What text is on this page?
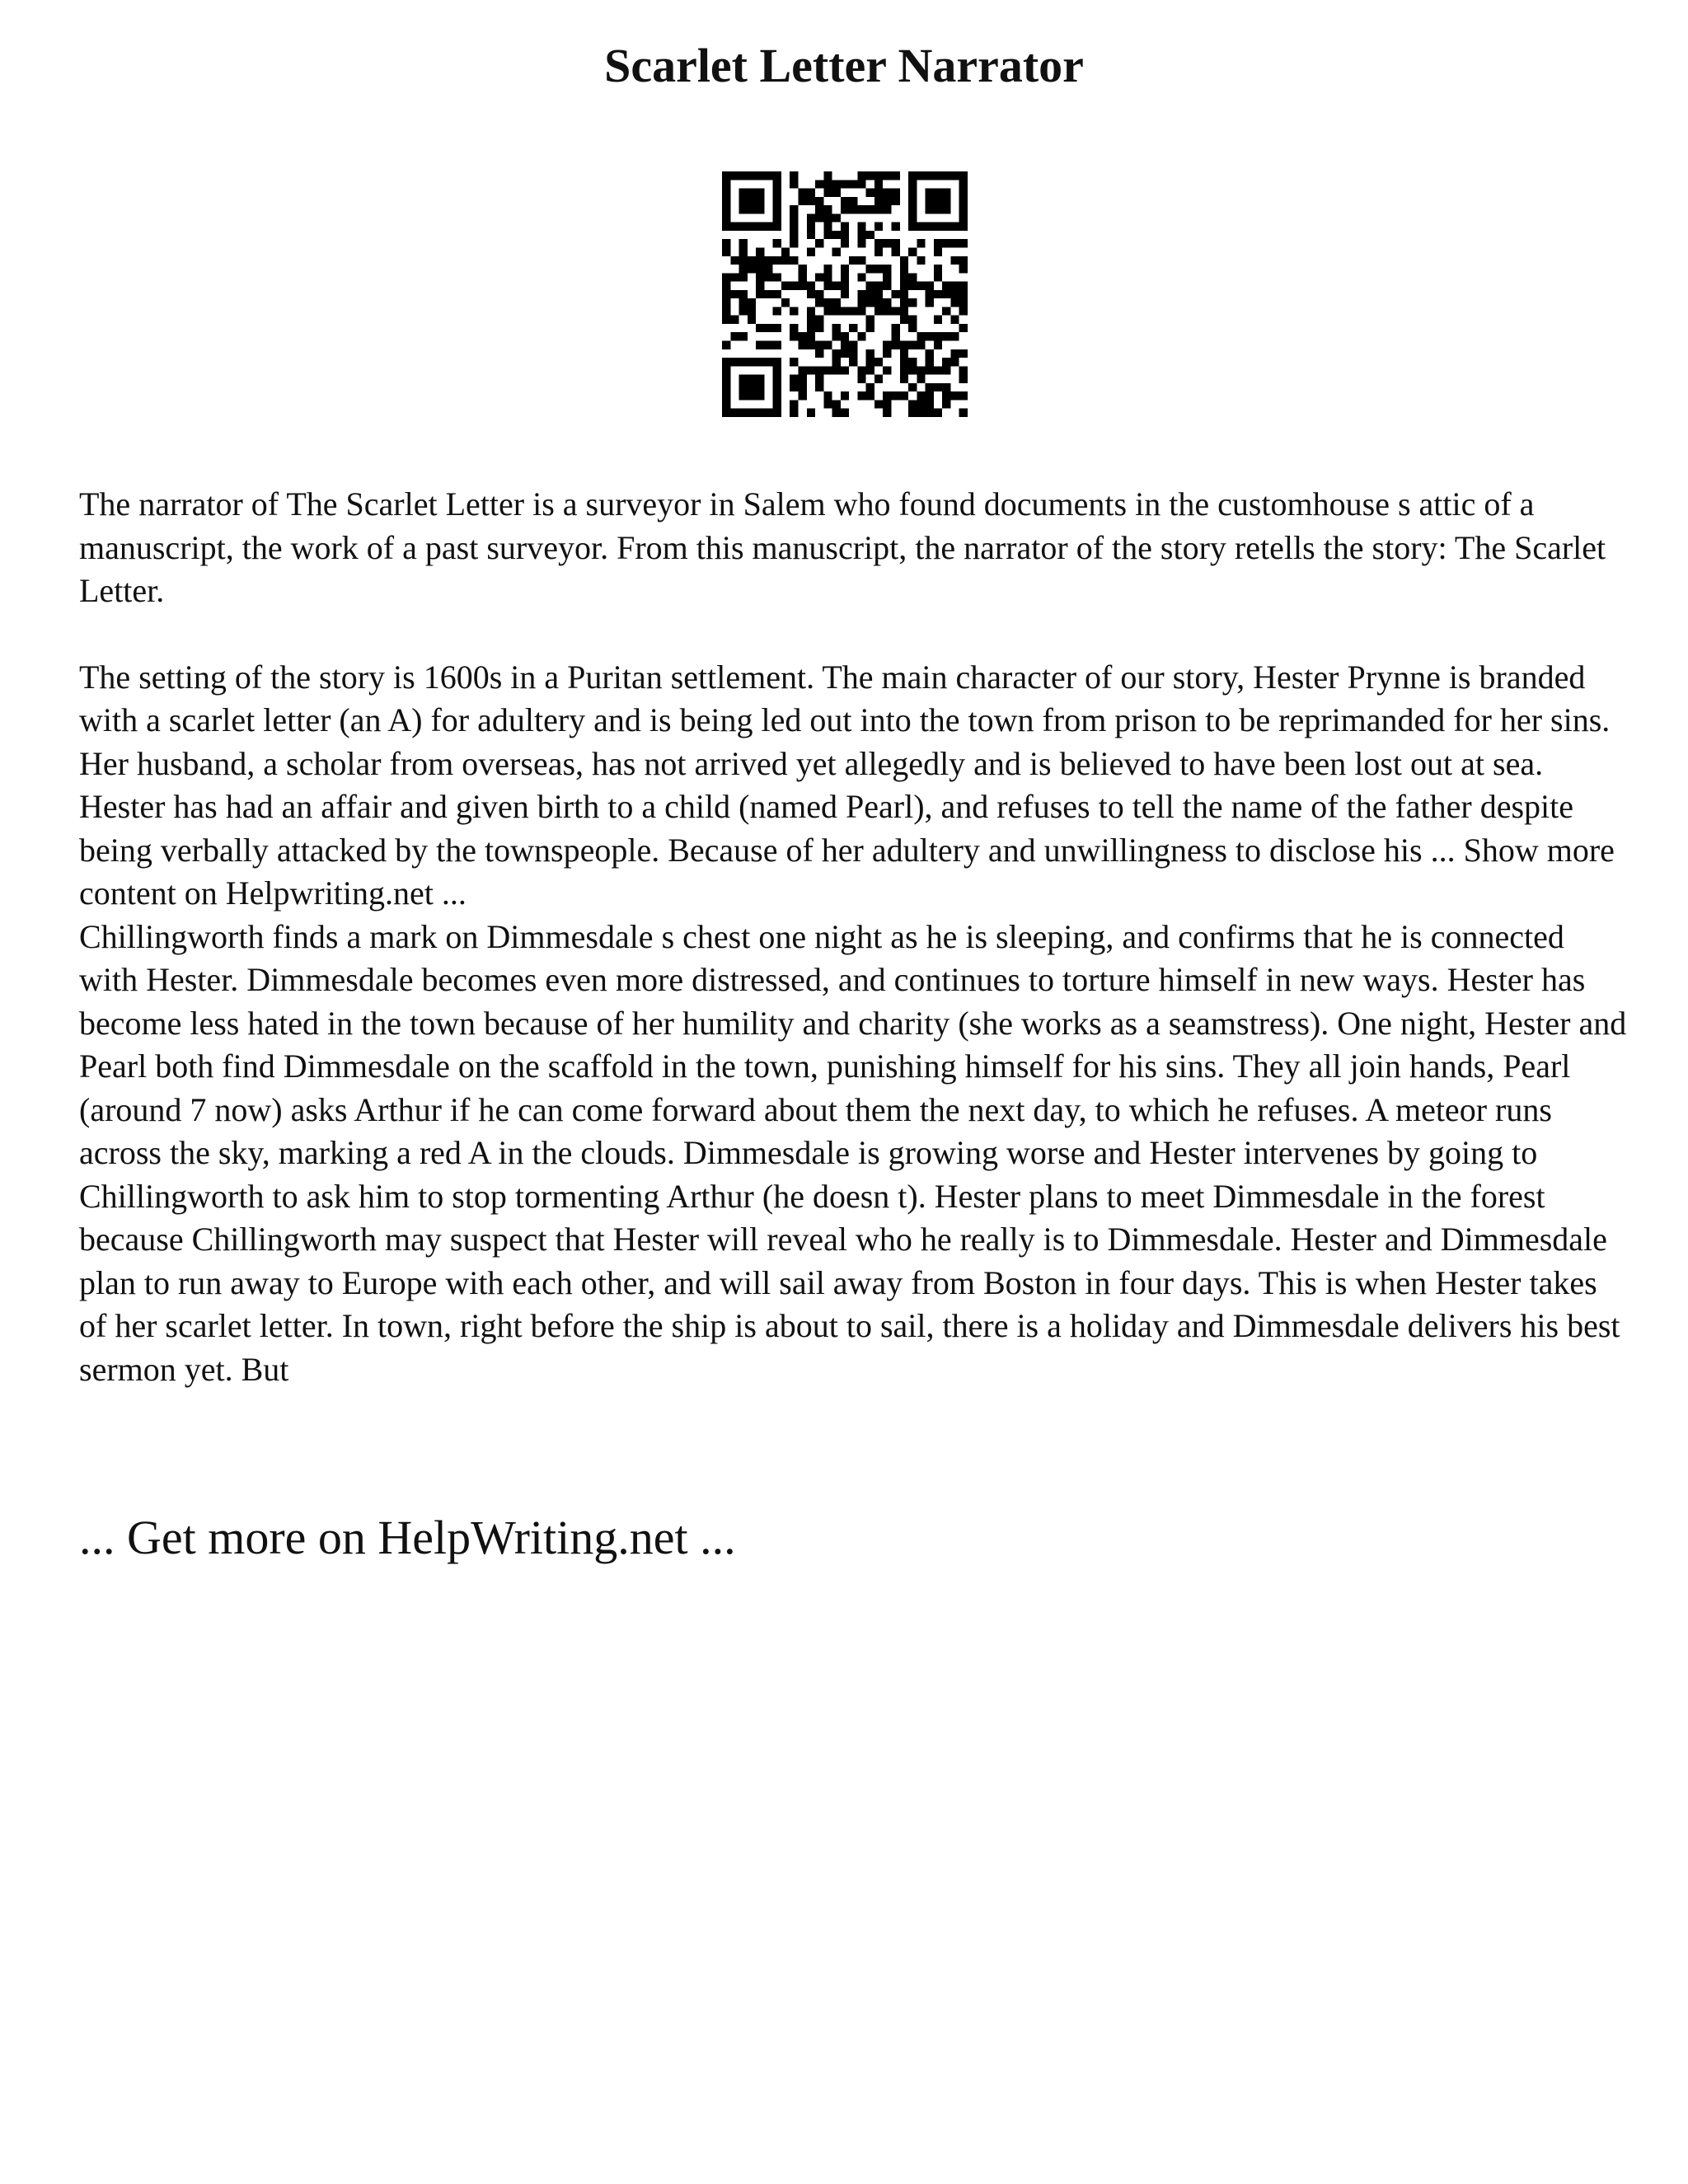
Scarlet Letter Narrator

The narrator of The Scarlet Letter is a surveyor in Salem who found documents in the customhouse s attic of a manuscript, the work of a past surveyor. From this manuscript, the narrator of the story retells the story: The Scarlet Letter.

The setting of the story is 1600s in a Puritan settlement. The main character of our story, Hester Prynne is branded with a scarlet letter (an A) for adultery and is being led out into the town from prison to be reprimanded for her sins. Her husband, a scholar from overseas, has not arrived yet allegedly and is believed to have been lost out at sea. Hester has had an affair and given birth to a child (named Pearl), and refuses to tell the name of the father despite being verbally attacked by the townspeople. Because of her adultery and unwillingness to disclose his ... Show more content on Helpwriting.net ...

Chillingworth finds a mark on Dimmesdale s chest one night as he is sleeping, and confirms that he is connected with Hester. Dimmesdale becomes even more distressed, and continues to torture himself in new ways. Hester has become less hated in the town because of her humility and charity (she works as a seamstress). One night, Hester and Pearl both find Dimmesdale on the scaffold in the town, punishing himself for his sins. They all join hands, Pearl (around 7 now) asks Arthur if he can come forward about them the next day, to which he refuses. A meteor runs across the sky, marking a red A in the clouds. Dimmesdale is growing worse and Hester intervenes by going to Chillingworth to ask him to stop tormenting Arthur (he doesn t). Hester plans to meet Dimmesdale in the forest because Chillingworth may suspect that Hester will reveal who he really is to Dimmesdale. Hester and Dimmesdale plan to run away to Europe with each other, and will sail away from Boston in four days. This is when Hester takes of her scarlet letter. In town, right before the ship is about to sail, there is a holiday and Dimmesdale delivers his best sermon yet. But

... Get more on HelpWriting.net ...
